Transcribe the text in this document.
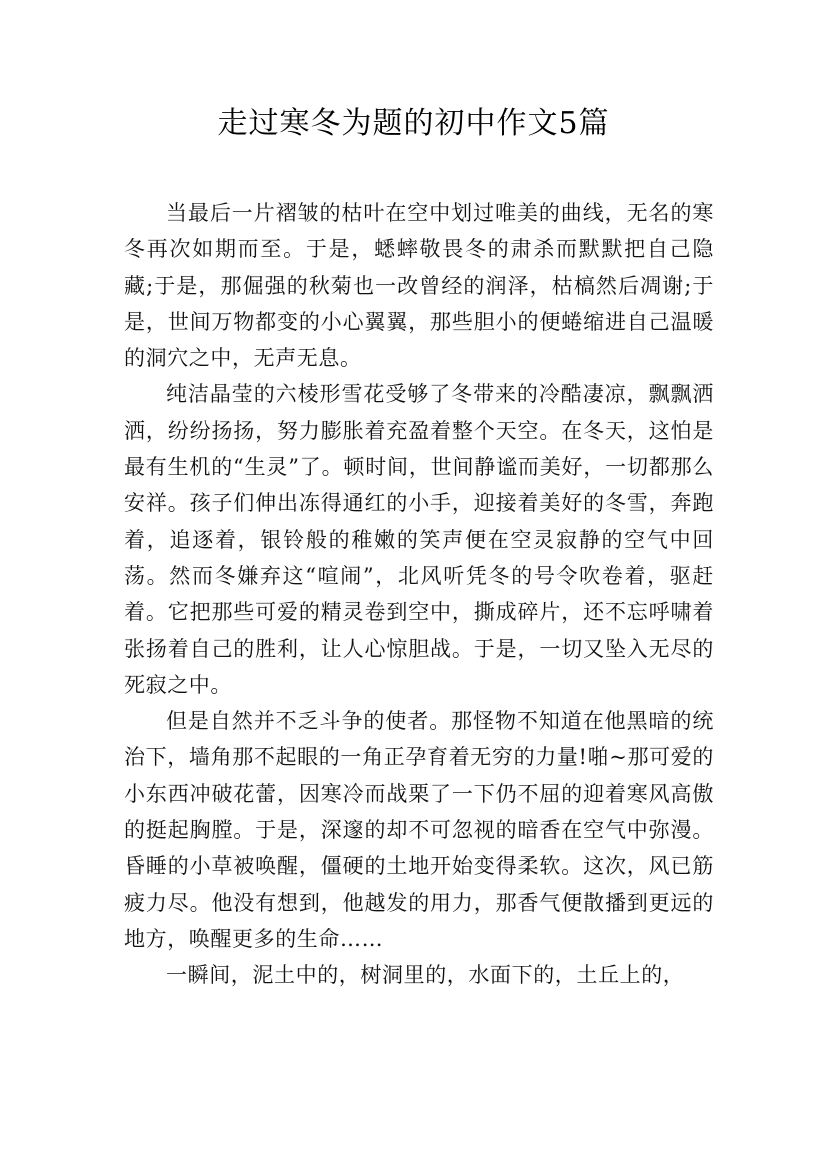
走过寒冬为题的初中作文5篇

当最后一片褶皱的枯叶在空中划过唯美的曲线，无名的寒冬再次如期而至。于是，蟋蟀敬畏冬的肃杀而默默把自己隐藏;于是，那倔强的秋菊也一改曾经的润泽，枯槁然后凋谢;于是，世间万物都变的小心翼翼，那些胆小的便蜷缩进自己温暖的洞穴之中，无声无息。

纯洁晶莹的六棱形雪花受够了冬带来的冷酷凄凉，飘飘洒洒，纷纷扬扬，努力膨胀着充盈着整个天空。在冬天，这怕是最有生机的“生灵”了。顿时间，世间静谧而美好，一切都那么安祥。孩子们伸出冻得通红的小手，迎接着美好的冬雪，奔跑着，追逐着，银铃般的稚嫩的笑声便在空灵寂静的空气中回荡。然而冬嫌弃这“喧闹”，北风听凭冬的号令吹卷着，驱赶着。它把那些可爱的精灵卷到空中，撕成碎片，还不忘呼啸着张扬着自己的胜利，让人心惊胆战。于是，一切又坠入无尽的死寂之中。

但是自然并不乏斗争的使者。那怪物不知道在他黑暗的统治下，墙角那不起眼的一角正孕育着无穷的力量!啪~那可爱的小东西冲破花蕾，因寒冷而战栗了一下仍不屈的迎着寒风高傲的挺起胸膛。于是，深邃的却不可忽视的暗香在空气中弥漫。昏睡的小草被唤醒，僵硬的土地开始变得柔软。这次，风已筋疲力尽。他没有想到，他越发的用力，那香气便散播到更远的地方，唤醒更多的生命……

一瞬间，泥土中的，树洞里的，水面下的，土丘上的，
